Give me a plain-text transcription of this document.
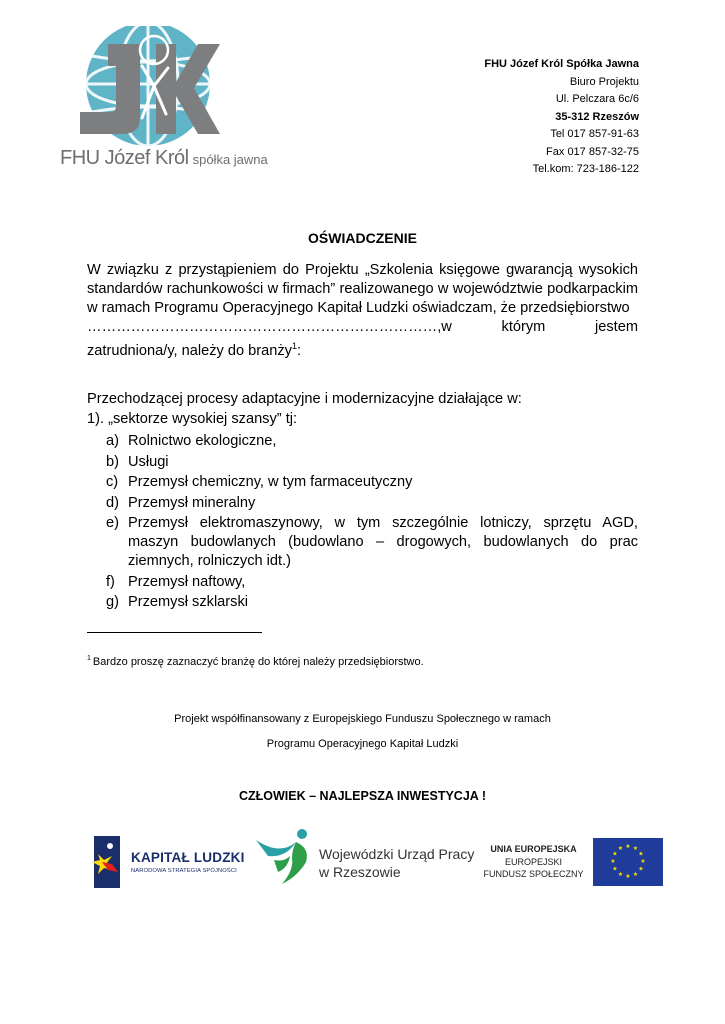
FHU Józef Król spółka jawna
FHU Józef Król Spółka Jawna
Biuro Projektu
Ul. Pelczara 6c/6
35-312 Rzeszów
Tel 017 857-91-63
Fax 017 857-32-75
Tel.kom: 723-186-122
OŚWIADCZENIE
W związku z przystąpieniem do Projektu „Szkolenia księgowe gwarancją wysokich standardów rachunkowości w firmach” realizowanego w województwie podkarpackim w ramach Programu Operacyjnego Kapitał Ludzki oświadczam, że przedsiębiorstwo
………………………………………………………………,w	którym	jestem
zatrudniona/y, należy do branży$^1$:
Przechodzącej procesy adaptacyjne i modernizacyjne działające w:
1). „sektorze wysokiej szansy” tj:
a) Rolnictwo ekologiczne,
b) Usługi
c) Przemysł chemiczny, w tym farmaceutyczny
d) Przemysł mineralny
e) Przemysł elektromaszynowy, w tym szczególnie lotniczy, sprzętu AGD, maszyn budowlanych (budowlano – drogowych, budowlanych do prac ziemnych, rolniczych idt.)
f) Przemysł naftowy,
g) Przemysł szklarski
$^1$ Bardzo proszę zaznaczyć branżę do której należy przedsiębiorstwo.
Projekt współfinansowany z Europejskiego Funduszu Społecznego w ramach
Programu Operacyjnego Kapitał Ludzki
CZŁOWIEK – NAJLEPSZA INWESTYCJA !
KAPITAŁ LUDZKI
NARODOWA STRATEGIA SPÓJNOŚCI
Wojewódzki Urząd Pracy
w Rzeszowie
UNIA EUROPEJSKA
EUROPEJSKI
FUNDUSZ SPOŁECZNY
★ ★
★
★
★
★
★
★
★
★
★
★
